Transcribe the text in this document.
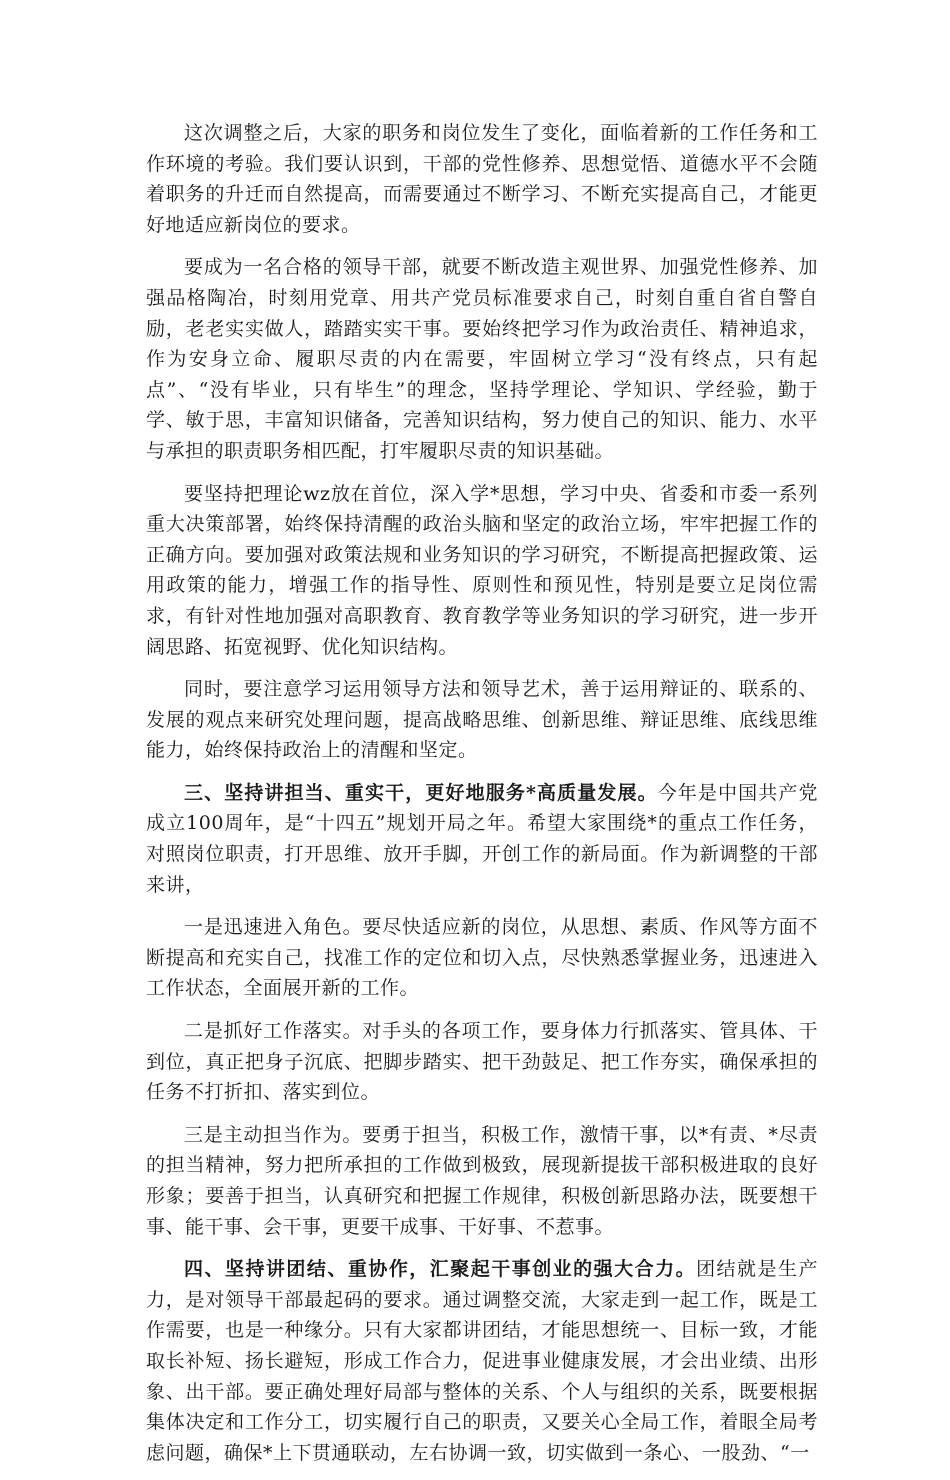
这次调整之后，大家的职务和岗位发生了变化，面临着新的工作任务和工作环境的考验。我们要认识到，干部的党性修养、思想觉悟、道德水平不会随着职务的升迁而自然提高，而需要通过不断学习、不断充实提高自己，才能更好地适应新岗位的要求。

要成为一名合格的领导干部，就要不断改造主观世界、加强党性修养、加强品格陶冶，时刻用党章、用共产党员标准要求自己，时刻自重自省自警自励，老老实实做人，踏踏实实干事。要始终把学习作为政治责任、精神追求，作为安身立命、履职尽责的内在需要，牢固树立学习“没有终点，只有起点”、“没有毕业，只有毕生”的理念，坚持学理论、学知识、学经验，勤于学、敏于思，丰富知识储备，完善知识结构，努力使自己的知识、能力、水平与承担的职责职务相匹配，打牢履职尽责的知识基础。

要坚持把理论wz放在首位，深入学*思想，学习中央、省委和市委一系列重大决策部署，始终保持清醒的政治头脑和坚定的政治立场，牢牢把握工作的正确方向。要加强对政策法规和业务知识的学习研究，不断提高把握政策、运用政策的能力，增强工作的指导性、原则性和预见性，特别是要立足岗位需求，有针对性地加强对高职教育、教育教学等业务知识的学习研究，进一步开阔思路、拓宽视野、优化知识结构。

同时，要注意学习运用领导方法和领导艺术，善于运用辩证的、联系的、发展的观点来研究处理问题，提高战略思维、创新思维、辩证思维、底线思维能力，始终保持政治上的清醒和坚定。

三、坚持讲担当、重实干，更好地服务*高质量发展。今年是中国共产党成立100周年，是“十四五”规划开局之年。希望大家围绕*的重点工作任务，对照岗位职责，打开思维、放开手脚，开创工作的新局面。作为新调整的干部来讲，

一是迅速进入角色。要尽快适应新的岗位，从思想、素质、作风等方面不断提高和充实自己，找准工作的定位和切入点，尽快熟悉掌握业务，迅速进入工作状态，全面展开新的工作。

二是抓好工作落实。对手头的各项工作，要身体力行抓落实、管具体、干到位，真正把身子沉底、把脚步踏实、把干劲鼓足、把工作夯实，确保承担的任务不打折扣、落实到位。

三是主动担当作为。要勇于担当，积极工作，激情干事，以*有责、*尽责的担当精神，努力把所承担的工作做到极致，展现新提拔干部积极进取的良好形象；要善于担当，认真研究和把握工作规律，积极创新思路办法，既要想干事、能干事、会干事，更要干成事、干好事、不惹事。

四、坚持讲团结、重协作，汇聚起干事创业的强大合力。团结就是生产力，是对领导干部最起码的要求。通过调整交流，大家走到一起工作，既是工作需要，也是一种缘分。只有大家都讲团结，才能思想统一、目标一致，才能取长补短、扬长避短，形成工作合力，促进事业健康发展，才会出业绩、出形象、出干部。要正确处理好局部与整体的关系、个人与组织的关系，既要根据集体决定和工作分工，切实履行自己的职责，又要关心全局工作，着眼全局考虑问题，确保*上下贯通联动，左右协调一致，切实做到一条心、一股劲、“一
